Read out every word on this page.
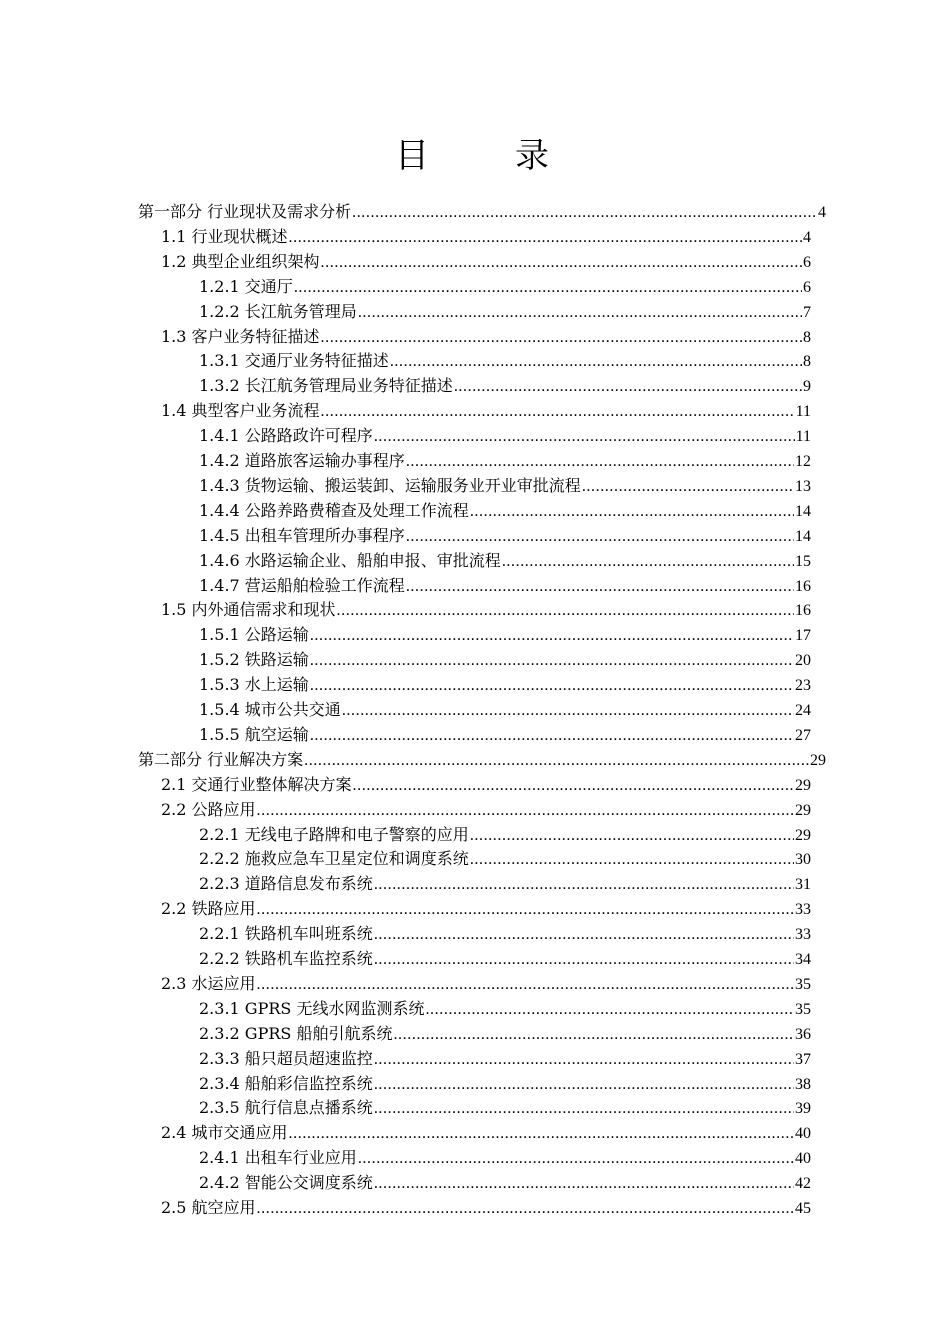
目　录
第一部分 行业现状及需求分析 .....	4
1.1 行业现状概述 .....	4
1.2 典型企业组织架构 .....	6
1.2.1 交通厅 .....	6
1.2.2 长江航务管理局 .....	7
1.3 客户业务特征描述 .....	8
1.3.1 交通厅业务特征描述 .....	8
1.3.2 长江航务管理局业务特征描述 .....	9
1.4 典型客户业务流程 .....	11
1.4.1 公路路政许可程序 .....	11
1.4.2 道路旅客运输办事程序 .....	12
1.4.3 货物运输、搬运装卸、运输服务业开业审批流程 .....	13
1.4.4 公路养路费稽查及处理工作流程 .....	14
1.4.5 出租车管理所办事程序 .....	14
1.4.6 水路运输企业、船舶申报、审批流程 .....	15
1.4.7 营运船舶检验工作流程 .....	16
1.5 内外通信需求和现状 .....	16
1.5.1 公路运输 .....	17
1.5.2 铁路运输 .....	20
1.5.3 水上运输 .....	23
1.5.4 城市公共交通 .....	24
1.5.5 航空运输 .....	27
第二部分 行业解决方案 .....	29
2.1 交通行业整体解决方案 .....	29
2.2 公路应用 .....	29
2.2.1 无线电子路牌和电子警察的应用 .....	29
2.2.2 施救应急车卫星定位和调度系统 .....	30
2.2.3 道路信息发布系统 .....	31
2.2 铁路应用 .....	33
2.2.1 铁路机车叫班系统 .....	33
2.2.2 铁路机车监控系统 .....	34
2.3 水运应用 .....	35
2.3.1 GPRS 无线水网监测系统 .....	35
2.3.2 GPRS 船舶引航系统 .....	36
2.3.3 船只超员超速监控 .....	37
2.3.4 船舶彩信监控系统 .....	38
2.3.5 航行信息点播系统 .....	39
2.4 城市交通应用 .....	40
2.4.1 出租车行业应用 .....	40
2.4.2 智能公交调度系统 .....	42
2.5 航空应用 .....	45
